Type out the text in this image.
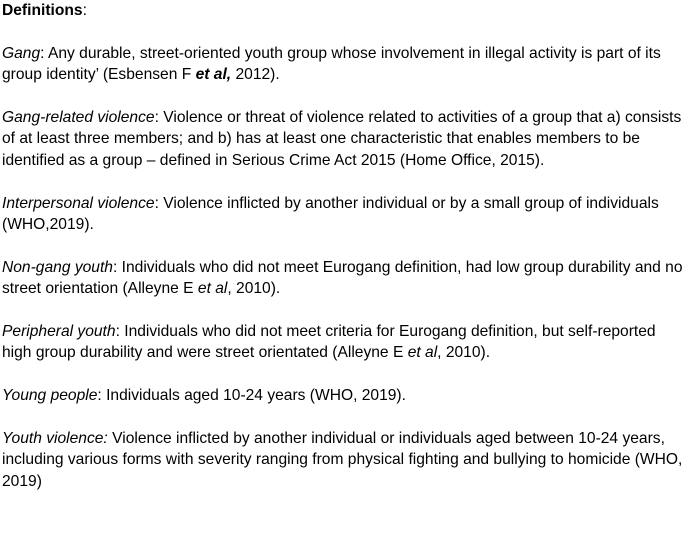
Definitions:
Gang: Any durable, street-oriented youth group whose involvement in illegal activity is part of its group identity’ (Esbensen F et al, 2012).
Gang-related violence: Violence or threat of violence related to activities of a group that a) consists of at least three members; and b) has at least one characteristic that enables members to be identified as a group – defined in Serious Crime Act 2015 (Home Office, 2015).
Interpersonal violence: Violence inflicted by another individual or by a small group of individuals (WHO,2019).
Non-gang youth: Individuals who did not meet Eurogang definition, had low group durability and no street orientation (Alleyne E et al, 2010).
Peripheral youth: Individuals who did not meet criteria for Eurogang definition, but self-reported high group durability and were street orientated (Alleyne E et al, 2010).
Young people: Individuals aged 10-24 years (WHO, 2019).
Youth violence: Violence inflicted by another individual or individuals aged between 10-24 years, including various forms with severity ranging from physical fighting and bullying to homicide (WHO, 2019)
